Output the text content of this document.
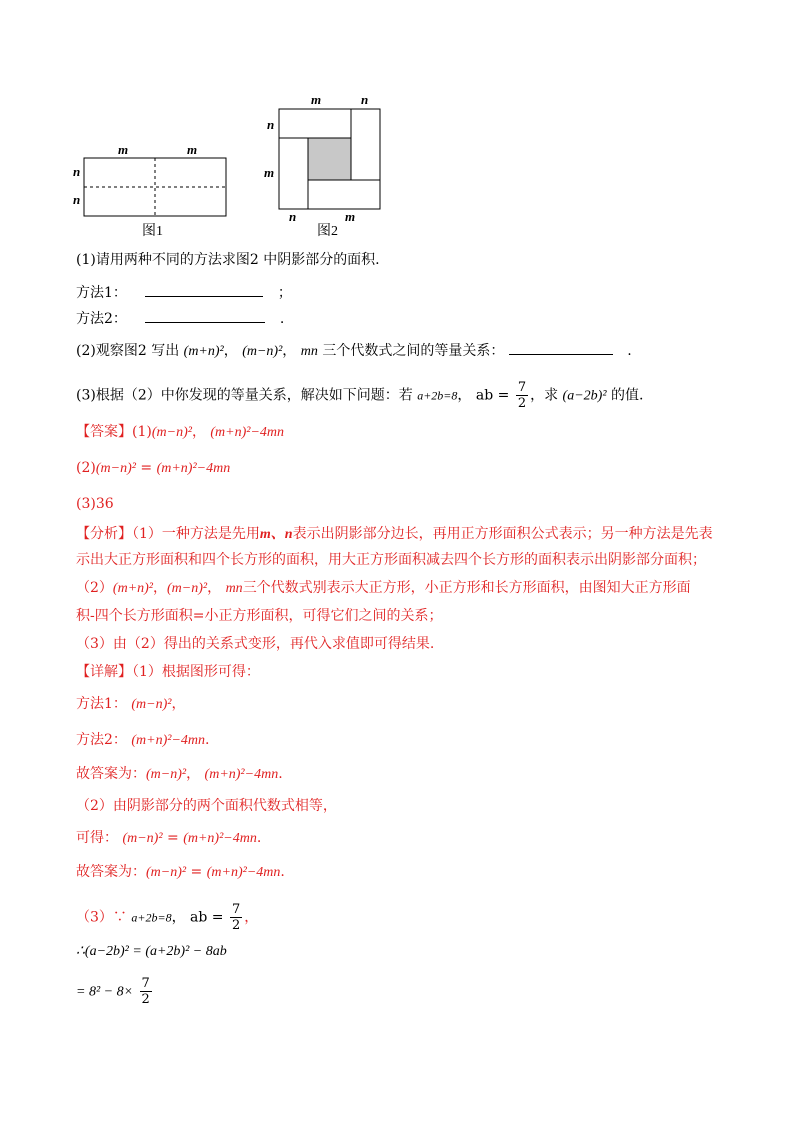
m	m
n
n
图1
m	n
n
m
n	m
图2
(1)请用两种不同的方法求图2 中阴影部分的面积.
方法1：	；
方法2：	.
(2)观察图2 写出 (m+n)²， (m−n)²， mn 三个代数式之间的等量关系：	.
(3)根据（2）中你发现的等量关系，解决如下问题：若 a+2b=8， ab = $\frac{7}{2}$ ，求 (a−2b)² 的值.
【答案】(1)(m−n)²， (m+n)²−4mn
(2)(m−n)² = (m+n)²−4mn
(3)36
【分析】（1）一种方法是先用m、n表示出阴影部分边长，再用正方形面积公式表示；另一种方法是先表
示出大正方形面积和四个长方形的面积，用大正方形面积减去四个长方形的面积表示出阴影部分面积；
（2）(m+n)²，(m−n)²， mn三个代数式别表示大正方形，小正方形和长方形面积，由图知大正方形面
积-四个长方形面积=小正方形面积，可得它们之间的关系；
（3）由（2）得出的关系式变形，再代入求值即可得结果.
【详解】（1）根据图形可得：
方法1： (m−n)²，
方法2： (m+n)²−4mn.
故答案为：(m−n)²， (m+n)²−4mn.
（2）由阴影部分的两个面积代数式相等，
可得： (m−n)² = (m+n)²−4mn.
故答案为：(m−n)² = (m+n)²−4mn.
（3）∵ a+2b=8， ab = $\frac{7}{2}$ ，
∴(a−2b)² = (a+2b)² − 8ab
= $8^2 - 8\times \frac{7}{2}$
